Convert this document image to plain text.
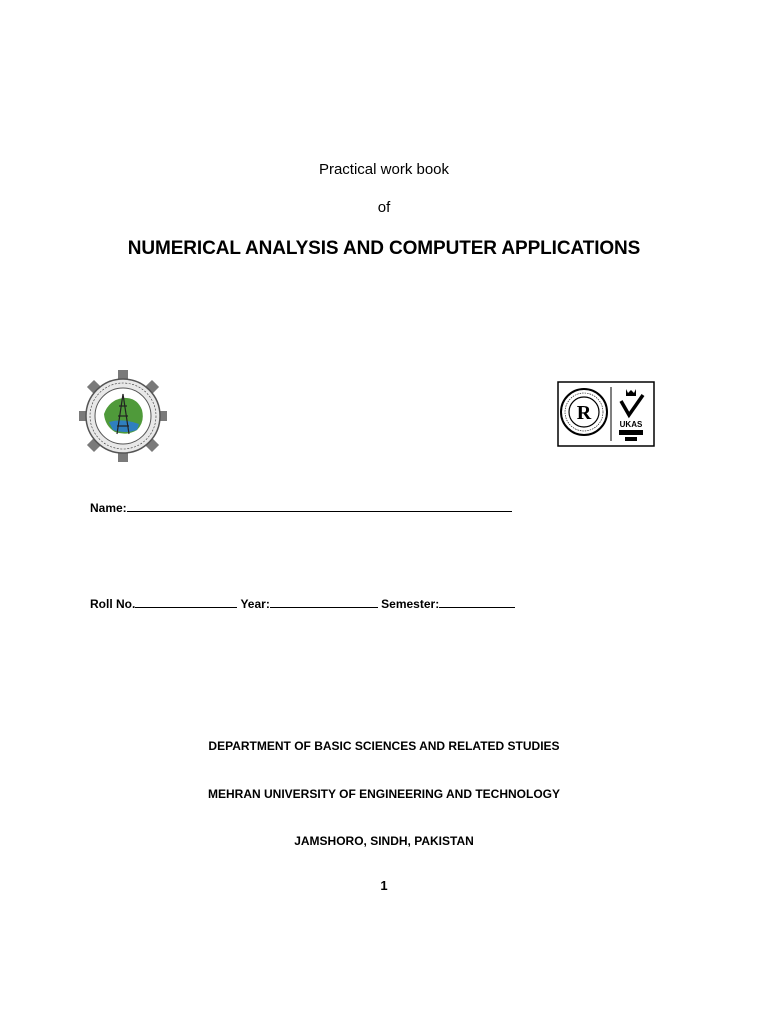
Practical work book
of
NUMERICAL ANALYSIS AND COMPUTER APPLICATIONS
R
UKAS
Name:
Roll No.	Year:	Semester:
DEPARTMENT OF BASIC SCIENCES AND RELATED STUDIES
MEHRAN UNIVERSITY OF ENGINEERING AND TECHNOLOGY
JAMSHORO, SINDH, PAKISTAN
1
